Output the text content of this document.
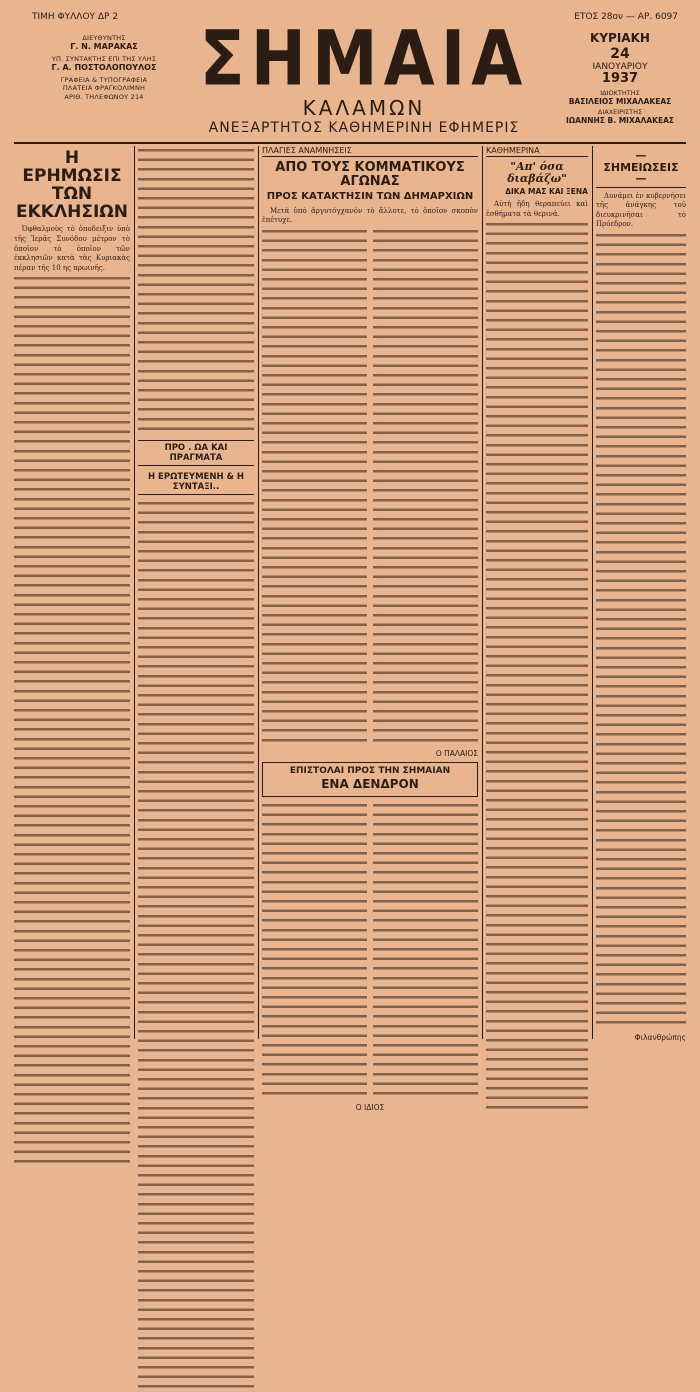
ΤΙΜΗ ΦΥΛΛΟΥ ΔΡ 2	ΕΤΟΣ 28ον — ΑΡ. 6097
ΔΙΕΥΘΥΝΤΗΣ
Γ. Ν. ΜΑΡΑΚΑΣ
ΥΠ. ΣΥΝΤΑΚΤΗΣ ΕΠΙ ΤΗΣ ΥΛΗΣ
Γ. Α. ΠΟΣΤΟΛΟΠΟΥΛΟΣ
ΓΡΑΦΕΙΑ & ΤΥΠΟΓΡΑΦΕΙΑ
ΠΛΑΤΕΙΑ ΦΡΑΓΚΟΛΙΜΝΗ
ΑΡΙΘ. ΤΗΛΕΦΩΝΟΥ 214 ΣΗΜΑΙΑ
ΚΑΛΑΜΩΝ
ΑΝΕΞΑΡΤΗΤΟΣ ΚΑΘΗΜΕΡΙΝΗ ΕΦΗΜΕΡΙΣ
ΚΥΡΙΑΚΗ
24
ΙΑΝΟΥΑΡΙΟΥ
1937
ΙΔΙΟΚΤΗΤΗΣ
ΒΑΣΙΛΕΙΟΣ ΜΙΧΑΛΑΚΕΑΣ
ΔΙΑΧΕΙΡΙΣΤΗΣ
ΙΩΑΝΝΗΣ Β. ΜΙΧΑΛΑΚΕΑΣ
Η ΕΡΗΜΩΣΙΣ ΤΩΝ ΕΚΚΛΗΣΙΩΝ

Ὀφθαλμοὺς τὸ ὁποδειξιν ὑπὸ τῆς Ἱερᾶς Συνόδου μέτρον τὸ ὁποῖον τὸ ὁποῖον τῶν ἐκκλησιῶν κατὰ τὰς Κυριακὰς πέραν τῆς 10 ης πρωινῆς.

ΠΡΟ . ΩΑ ΚΑΙ ΠΡΑΓΜΑΤΑ
Η ΕΡΩΤΕΥΜΕΝΗ & Η ΣΥΝΤΑΞΙ..
ΠΛΑΓΙΕΣ ΑΝΑΜΝΗΣΕΙΣ
ΑΠΟ ΤΟΥΣ ΚΟΜΜΑΤΙΚΟΥΣ ΑΓΩΝΑΣ
ΠΡΟΣ ΚΑΤΑΚΤΗΣΙΝ ΤΩΝ ΔΗΜΑΡΧΙΩΝ

Μετὰ ὑπὸ ἀργυτόγχανόν τὸ ἄλλοτε, τὸ ὁποῖον σκοπὸν ἐπέτυχε.

Ο ΠΑΛΑΙΟΣ
ΕΠΙΣΤΟΛΑΙ ΠΡΟΣ ΤΗΝ ΣΗΜΑΙΑΝ
ΕΝΑ ΔΕΝΔΡΟΝ
Ο ΙΔΙΟΣ
ΚΑΘΗΜΕΡΙΝΑ
"Απ' όσα διαβάζω"
ΔΙΚΑ ΜΑΣ ΚΑΙ ΞΕΝΑ

Αὐτὴ ἥδη θεραπεύει καὶ ἐσθήματα τὰ θερινά.

— ΣΗΜΕΙΩΣΕΙΣ —

Δυνάμει ἐν κυβερνήσει τῆς ἀνάγκης τοῦ διευκρινῆσαι τὸ Πρόεδρον.

Φιλανθρώπης
